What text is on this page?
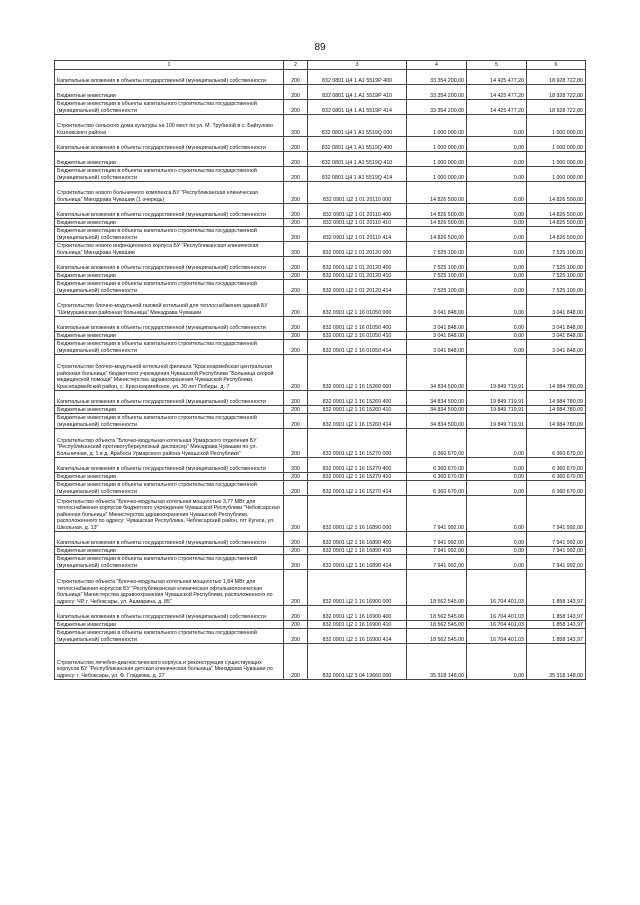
89
1	2	3	4	5	6
Капитальные вложения в объекты государственной (муниципальной) собственности	200	832 0801 Ц4 1 А1 5519Р 400	33 354 200,00	14 425 477,20	18 928 722,80
Бюджетные инвестиции	200	832 0801 Ц4 1 А1 5519Р 410	33 354 200,00	14 425 477,20	18 928 722,80
Бюджетные инвестиции в объекты капитального строительства государственной (муниципальной) собственности	200	832 0801 Ц4 1 А1 5519Р 414	33 354 200,00	14 425 477,20	18 928 722,80
Строительство сельского дома культуры на 100 мест по ул. М. Трубиной в с. Байгулово Козловского района	200	832 0801 Ц4 1 А1 5519Q 000	1 000 000,00	0,00	1 000 000,00
Капитальные вложения в объекты государственной (муниципальной) собственности	200	832 0801 Ц4 1 А1 5519Q 400	1 000 000,00	0,00	1 000 000,00
Бюджетные инвестиции	200	832 0801 Ц4 1 А1 5519Q 410	1 000 000,00	0,00	1 000 000,00
Бюджетные инвестиции в объекты капитального строительства государственной (муниципальной) собственности	200	832 0801 Ц4 1 А1 5519Q 414	1 000 000,00	0,00	1 000 000,00
Строительство нового больничного комплекса БУ "Республиканская клиническая больница" Минздрава Чувашии (1 очередь)	200	832 0901 Ц2 1 01 20110 000	14 826 500,00	0,00	14 826 500,00
Капитальные вложения в объекты государственной (муниципальной) собственности	200	832 0901 Ц2 1 01 20110 400	14 826 500,00	0,00	14 826 500,00
Бюджетные инвестиции	200	832 0901 Ц2 1 01 20110 410	14 826 500,00	0,00	14 826 500,00
Бюджетные инвестиции в объекты капитального строительства государственной (муниципальной) собственности	200	832 0901 Ц2 1 01 20110 414	14 826 500,00	0,00	14 826 500,00
Строительство нового инфекционного корпуса БУ "Республиканская клиническая больница" Минздрава Чувашии	200	832 0901 Ц2 1 01 20120 000	7 525 100,00	0,00	7 525 100,00
Капитальные вложения в объекты государственной (муниципальной) собственности	200	832 0901 Ц2 1 01 20120 400	7 525 100,00	0,00	7 525 100,00
Бюджетные инвестиции	200	832 0901 Ц2 1 01 20120 410	7 525 100,00	0,00	7 525 100,00
Бюджетные инвестиции в объекты капитального строительства государственной (муниципальной) собственности	200	832 0901 Ц2 1 01 20120 414	7 525 100,00	0,00	7 525 100,00
Строительство блочно-модульной газовой котельной для теплоснабжения зданий БУ "Шемуршинская районная больница" Минздрава Чувашии	200	832 0901 Ц2 1 16 01050 000	3 041 848,00	0,00	3 041 848,00
Капитальные вложения в объекты государственной (муниципальной) собственности	200	832 0901 Ц2 1 16 01050 400	3 041 848,00	0,00	3 041 848,00
Бюджетные инвестиции	200	832 0901 Ц2 1 16 01050 410	3 041 848,00	0,00	3 041 848,00
Бюджетные инвестиции в объекты капитального строительства государственной (муниципальной) собственности	200	832 0901 Ц2 1 16 01050 414	3 041 848,00	0,00	3 041 848,00
Строительство блочно-модульной котельной филиала "Красноармейская центральная районная больница" бюджетного учреждения Чувашской Республики "Больница скорой медицинской помощи" Министерства здравоохранения Чувашской Республики, Красноармейский район, с. Красноармейское, ул. 30 лет Победы, д. 7	200	832 0901 Ц2 1 16 15260 000	34 834 500,00	19 849 719,91	14 984 780,09
Капитальные вложения в объекты государственной (муниципальной) собственности	200	832 0901 Ц2 1 16 15260 400	34 834 500,00	19 849 719,91	14 984 780,09
Бюджетные инвестиции	200	832 0901 Ц2 1 16 15260 410	34 834 500,00	19 849 719,91	14 984 780,09
Бюджетные инвестиции в объекты капитального строительства государственной (муниципальной) собственности	200	832 0901 Ц2 1 16 15260 414	34 834 500,00	19 849 719,91	14 984 780,09
Строительство объекта "Блочно-модульная котельная Урмарского отделения БУ "Республиканский противотуберкулезный диспансер" Минздрава Чувашии по ул. Больничная, д. 1 в д. Арабоси Урмарского района Чувашской Республики"	200	832 0901 Ц2 1 16 15270 000	6 360 670,00	0,00	6 360 670,00
Капитальные вложения в объекты государственной (муниципальной) собственности	200	832 0901 Ц2 1 16 15270 400	6 360 670,00	0,00	6 360 670,00
Бюджетные инвестиции	200	832 0901 Ц2 1 16 15270 410	6 360 670,00	0,00	6 360 670,00
Бюджетные инвестиции в объекты капитального строительства государственной (муниципальной) собственности	200	832 0901 Ц2 1 16 15270 414	6 360 670,00	0,00	6 360 670,00
Строительство объекта "Блочно-модульная котельная мощностью 3,77 МВт для теплоснабжения корпусов бюджетного учреждения Чувашской Республики "Чебоксарская районная больница" Министерства здравоохранения Чувашской Республики, расположенного по адресу: Чувашская Республика, Чебоксарский район, пгт Кугеси, ул. Школьная, д. 13"	200	832 0901 Ц2 1 16 16890 000	7 941 992,00	0,00	7 941 992,00
Капитальные вложения в объекты государственной (муниципальной) собственности	200	832 0901 Ц2 1 16 16890 400	7 941 992,00	0,00	7 941 992,00
Бюджетные инвестиции	200	832 0901 Ц2 1 16 16890 410	7 941 992,00	0,00	7 941 992,00
Бюджетные инвестиции в объекты капитального строительства государственной (муниципальной) собственности	200	832 0901 Ц2 1 16 16890 414	7 941 992,00	0,00	7 941 992,00
Строительство объекта "Блочно-модульная котельная мощностью 1,84 МВт для теплоснабжения корпусов БУ "Республиканская клиническая офтальмологическая больница" Министерства здравоохранения Чувашской Республики, расположенного по адресу: ЧР, г. Чебоксары, ул. Ашмарина, д. 85"	200	832 0901 Ц2 1 16 16900 000	18 562 545,00	16 704 401,03	1 858 143,97
Капитальные вложения в объекты государственной (муниципальной) собственности	200	832 0901 Ц2 1 16 16900 400	18 562 545,00	16 704 401,03	1 858 143,97
Бюджетные инвестиции	200	832 0901 Ц2 1 16 16900 410	18 562 545,00	16 704 401,03	1 858 143,97
Бюджетные инвестиции в объекты капитального строительства государственной (муниципальной) собственности	200	832 0901 Ц2 1 16 16900 414	18 562 545,00	16 704 401,03	1 858 143,97
Строительство лечебно-диагностического корпуса и реконструкция существующих корпусов БУ "Республиканская детская клиническая больница" Минздрава Чувашии по адресу: г. Чебоксары, ул. Ф. Гладкова, д. 27	200	832 0901 Ц2 3 04 19660 000	35 318 148,00	0,00	35 318 148,00
